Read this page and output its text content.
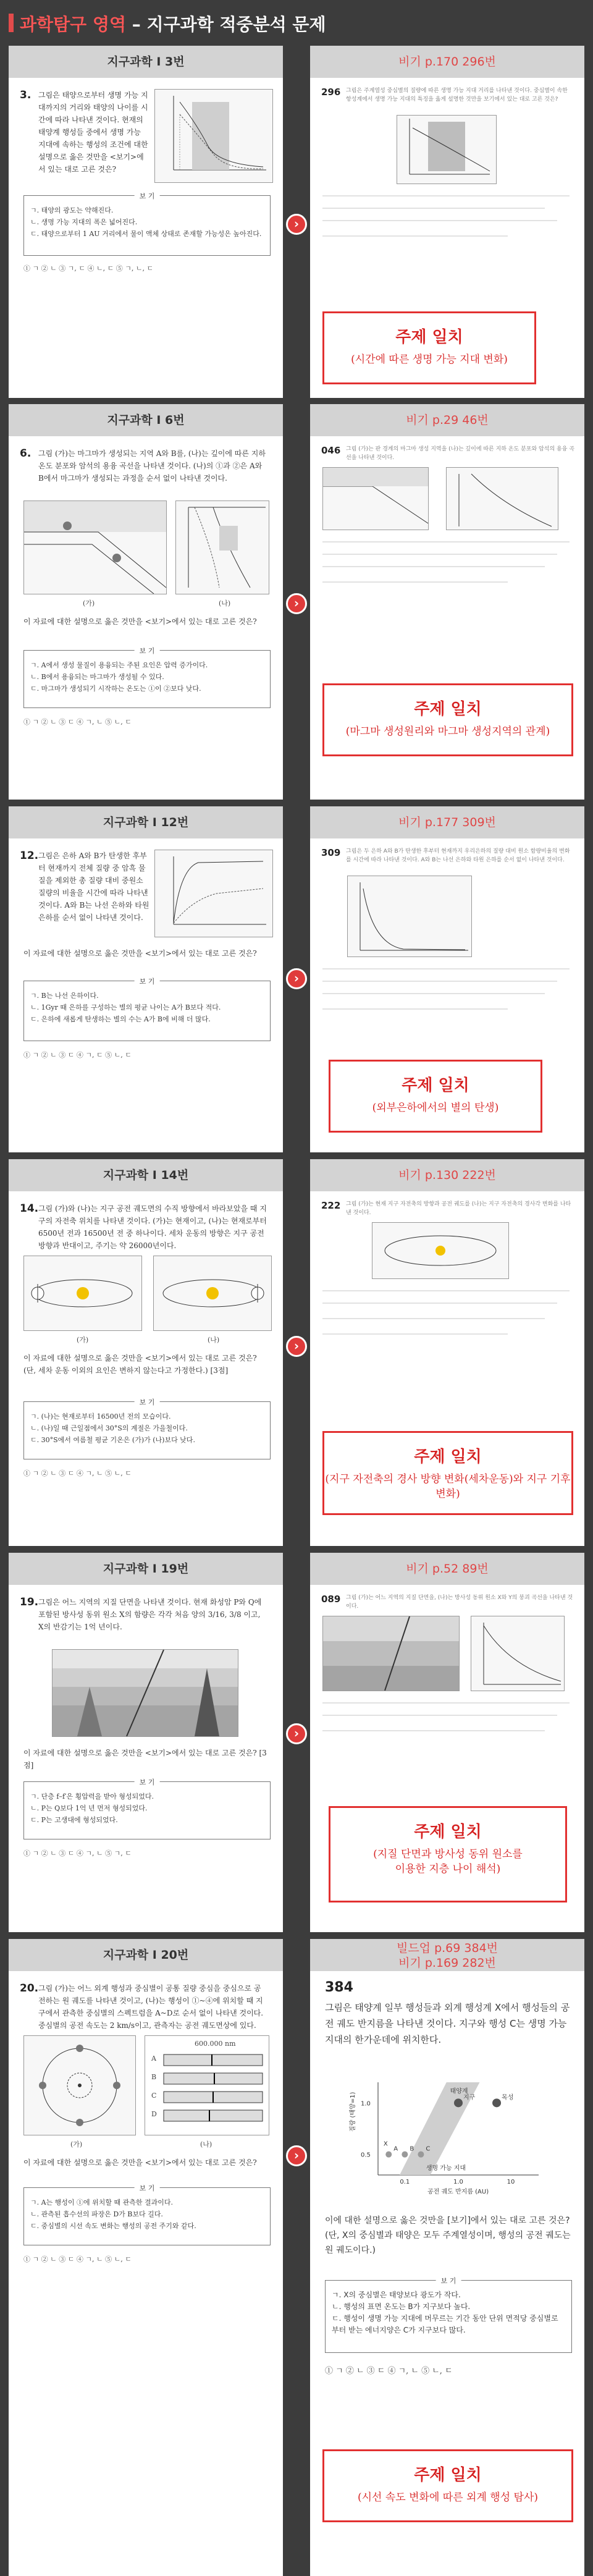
과학탐구 영역 – 지구과학 적중분석 문제
지구과학 I 3번	비기 p.170 296번
3. 그림은 태양으로부터 생명 가능 지대까지의 거리와 태양의 나이를 시간에 따라 나타낸 것이다. 현재의 태양계 행성들 중에서 생명 가능 지대에 속하는 행성의 조건에 대한 설명으로 옳은 것만을 <보기>에서 있는 대로 고른 것은?
보 기
ㄱ. 태양의 광도는 약해진다.
ㄴ. 생명 가능 지대의 폭은 넓어진다.
ㄷ. 태양으로부터 1 AU 거리에서 물이 액체 상태로 존재할 가능성은 높아진다.
① ㄱ ② ㄴ ③ ㄱ, ㄷ ④ ㄴ, ㄷ ⑤ ㄱ, ㄴ, ㄷ
296 그림은 주계열성 중심별의 질량에 따른 생명 가능 지대 거리를 나타낸 것이다. 중심별이 속한 항성계에서 생명 가능 지대의 특징을 옳게 설명한 것만을 보기에서 있는 대로 고른 것은?
›
주제 일치
(시간에 따른 생명 가능 지대 변화)
지구과학 I 6번	비기 p.29 46번
6. 그림 (가)는 마그마가 생성되는 지역 A와 B를, (나)는 깊이에 따른 지하 온도 분포와 암석의 용융 곡선을 나타낸 것이다. (나)의 ①과 ②은 A와 B에서 마그마가 생성되는 과정을 순서 없이 나타낸 것이다.
(가)	(나)
이 자료에 대한 설명으로 옳은 것만을 <보기>에서 있는 대로 고른 것은?
보 기
ㄱ. A에서 생성 물질이 용융되는 주된 요인은 압력 증가이다.
ㄴ. B에서 용융되는 마그마가 생성될 수 있다.
ㄷ. 마그마가 생성되기 시작하는 온도는 ①이 ②보다 낮다.
① ㄱ ② ㄴ ③ ㄷ ④ ㄱ, ㄴ ⑤ ㄴ, ㄷ
046 그림 (가)는 판 경계의 마그마 생성 지역을 (나)는 깊이에 따른 지하 온도 분포와 암석의 용융 곡선을 나타낸 것이다.
›
주제 일치
(마그마 생성원리와 마그마 생성지역의 관계)
지구과학 I 12번	비기 p.177 309번
12. 그림은 은하 A와 B가 탄생한 후부터 현재까지 전체 질량 중 암흑 물질을 제외한 총 질량 대비 중원소 질량의 비율을 시간에 따라 나타낸 것이다. A와 B는 나선 은하와 타원 은하를 순서 없이 나타낸 것이다.
이 자료에 대한 설명으로 옳은 것만을 <보기>에서 있는 대로 고른 것은?
보 기
ㄱ. B는 나선 은하이다.
ㄴ. 1Gyr 때 은하를 구성하는 별의 평균 나이는 A가 B보다 적다.
ㄷ. 은하에 새롭게 탄생하는 별의 수는 A가 B에 비해 더 많다.
① ㄱ ② ㄴ ③ ㄷ ④ ㄱ, ㄷ ⑤ ㄴ, ㄷ
309 그림은 두 은하 A와 B가 탄생한 후부터 현재까지 우리은하의 질량 대비 원소 함량비율의 변화를 시간에 따라 나타낸 것이다. A와 B는 나선 은하와 타원 은하를 순서 없이 나타낸 것이다.
›
주제 일치
(외부은하에서의 별의 탄생)
지구과학 I 14번	비기 p.130 222번
14. 그림 (가)와 (나)는 지구 공전 궤도면의 수직 방향에서 바라보았을 때 지구의 자전축 위치를 나타낸 것이다. (가)는 현재이고, (나)는 현재로부터 6500년 전과 16500년 전 중 하나이다. 세차 운동의 방향은 지구 공전 방향과 반대이고, 주기는 약 26000년이다.
(가)	(나)
이 자료에 대한 설명으로 옳은 것만을 <보기>에서 있는 대로 고른 것은? (단, 세차 운동 이외의 요인은 변하지 않는다고 가정한다.) [3점]
보 기
ㄱ. (나)는 현재로부터 16500년 전의 모습이다.
ㄴ. (나)일 때 근일점에서 30°S의 계절은 가을철이다.
ㄷ. 30°S에서 여름철 평균 기온은 (가)가 (나)보다 낮다.
① ㄱ ② ㄴ ③ ㄷ ④ ㄱ, ㄴ ⑤ ㄴ, ㄷ
222 그림 (가)는 현재 지구 자전축의 방향과 공전 궤도를 (나)는 지구 자전축의 경사각 변화를 나타낸 것이다.
›
주제 일치
(지구 자전축의 경사 방향 변화(세차운동)와 지구 기후 변화)
지구과학 I 19번	비기 p.52 89번
19. 그림은 어느 지역의 지질 단면을 나타낸 것이다. 현재 화성암 P와 Q에 포함된 방사성 동위 원소 X의 함량은 각각 처음 양의 3/16, 3/8 이고, X의 반감기는 1억 년이다.
이 자료에 대한 설명으로 옳은 것만을 <보기>에서 있는 대로 고른 것은? [3점]
보 기
ㄱ. 단층 f–f′은 횡압력을 받아 형성되었다.
ㄴ. P는 Q보다 1억 년 먼저 형성되었다.
ㄷ. P는 고생대에 형성되었다.
① ㄱ ② ㄴ ③ ㄷ ④ ㄱ, ㄴ ⑤ ㄱ, ㄷ
089 그림 (가)는 어느 지역의 지질 단면을, (나)는 방사성 동위 원소 X와 Y의 붕괴 곡선을 나타낸 것이다.
›
주제 일치
(지질 단면과 방사성 동위 원소를
이용한 지층 나이 해석)
지구과학 I 20번	빌드업 p.69 384번
비기 p.169 282번
20. 그림 (가)는 어느 외계 행성과 중심별이 공통 질량 중심을 중심으로 공전하는 원 궤도를 나타낸 것이고, (나)는 행성이 ①~④에 위치할 때 지구에서 관측한 중심별의 스펙트럼을 A~D로 순서 없이 나타낸 것이다. 중심별의 공전 속도는 2 km/s이고, 관측자는 공전 궤도면상에 있다.
600.000 nm
A
B
C
D
(가)	(나)
이 자료에 대한 설명으로 옳은 것만을 <보기>에서 있는 대로 고른 것은?
보 기
ㄱ. A는 행성이 ①에 위치할 때 관측한 결과이다.
ㄴ. 관측된 흡수선의 파장은 D가 B보다 길다.
ㄷ. 중심별의 시선 속도 변화는 행성의 공전 주기와 같다.
① ㄱ ② ㄴ ③ ㄷ ④ ㄱ, ㄴ ⑤ ㄴ, ㄷ
384
그림은 태양계 일부 행성들과 외계 행성계 X에서 행성들의 공전 궤도 반지름을 나타낸 것이다. 지구와 행성 C는 생명 가능 지대의 한가운데에 위치한다.
0.1	1.0	10
1.0
0.5
공전 궤도 반지름 (AU)
질량 (태양=1)	지구	목성
A B C
태양계
X
생명 가능 지대
이에 대한 설명으로 옳은 것만을 [보기]에서 있는 대로 고른 것은? (단, X의 중심별과 태양은 모두 주계열성이며, 행성의 공전 궤도는 원 궤도이다.)
보 기
ㄱ. X의 중심별은 태양보다 광도가 작다.
ㄴ. 행성의 표면 온도는 B가 지구보다 높다.
ㄷ. 행성이 생명 가능 지대에 머무르는 기간 동안 단위 면적당 중심별로부터 받는 에너지양은 C가 지구보다 많다.
① ㄱ ② ㄴ ③ ㄷ ④ ㄱ, ㄴ ⑤ ㄴ, ㄷ
›
주제 일치
(시선 속도 변화에 따른 외계 행성 탐사)
